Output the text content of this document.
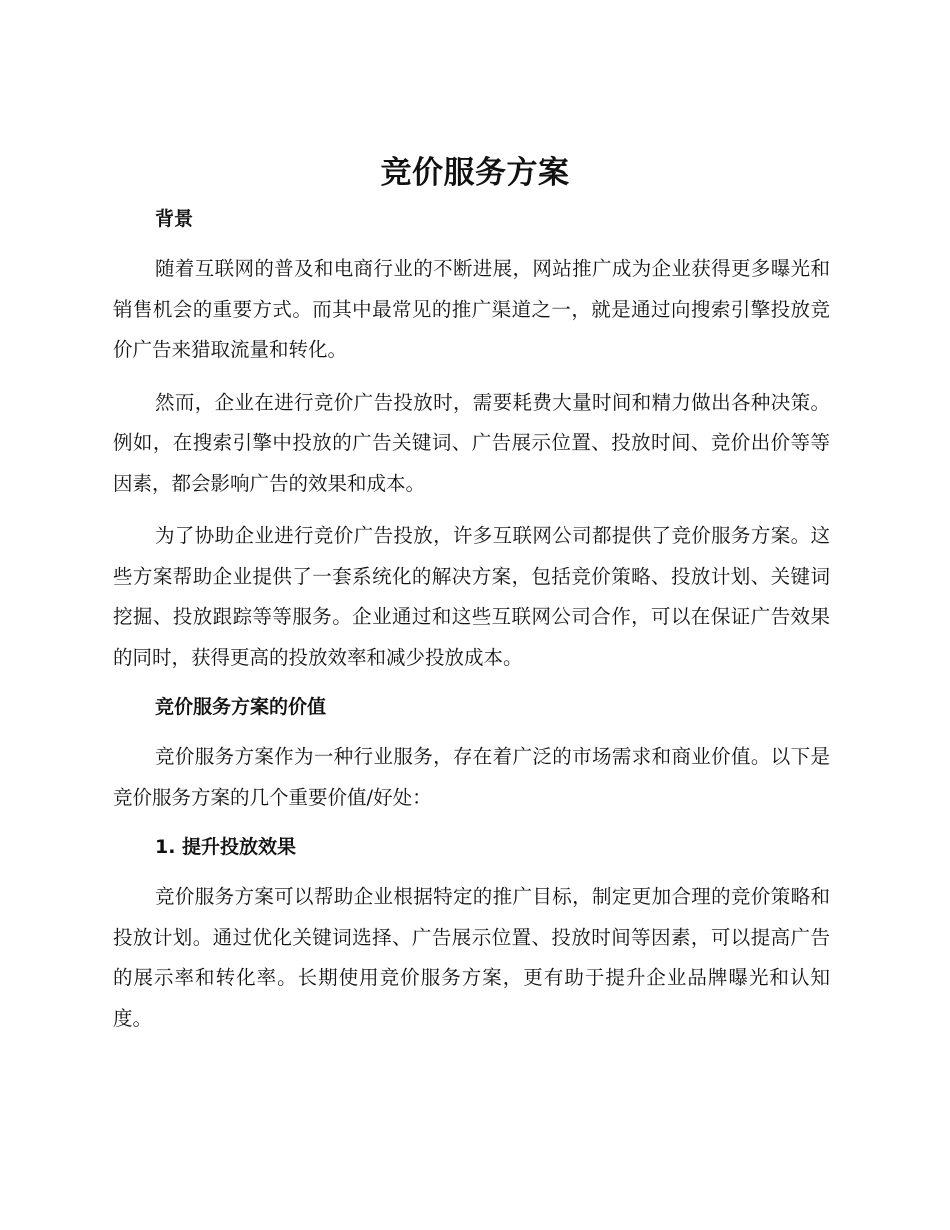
竞价服务方案
背景

随着互联网的普及和电商行业的不断进展，网站推广成为企业获得更多曝光和销售机会的重要方式。而其中最常见的推广渠道之一，就是通过向搜索引擎投放竞价广告来猎取流量和转化。

然而，企业在进行竞价广告投放时，需要耗费大量时间和精力做出各种决策。例如，在搜索引擎中投放的广告关键词、广告展示位置、投放时间、竞价出价等等因素，都会影响广告的效果和成本。

为了协助企业进行竞价广告投放，许多互联网公司都提供了竞价服务方案。这些方案帮助企业提供了一套系统化的解决方案，包括竞价策略、投放计划、关键词挖掘、投放跟踪等等服务。企业通过和这些互联网公司合作，可以在保证广告效果的同时，获得更高的投放效率和减少投放成本。

竞价服务方案的价值

竞价服务方案作为一种行业服务，存在着广泛的市场需求和商业价值。以下是竞价服务方案的几个重要价值/好处：

1. 提升投放效果

竞价服务方案可以帮助企业根据特定的推广目标，制定更加合理的竞价策略和投放计划。通过优化关键词选择、广告展示位置、投放时间等因素，可以提高广告的展示率和转化率。长期使用竞价服务方案，更有助于提升企业品牌曝光和认知度。
